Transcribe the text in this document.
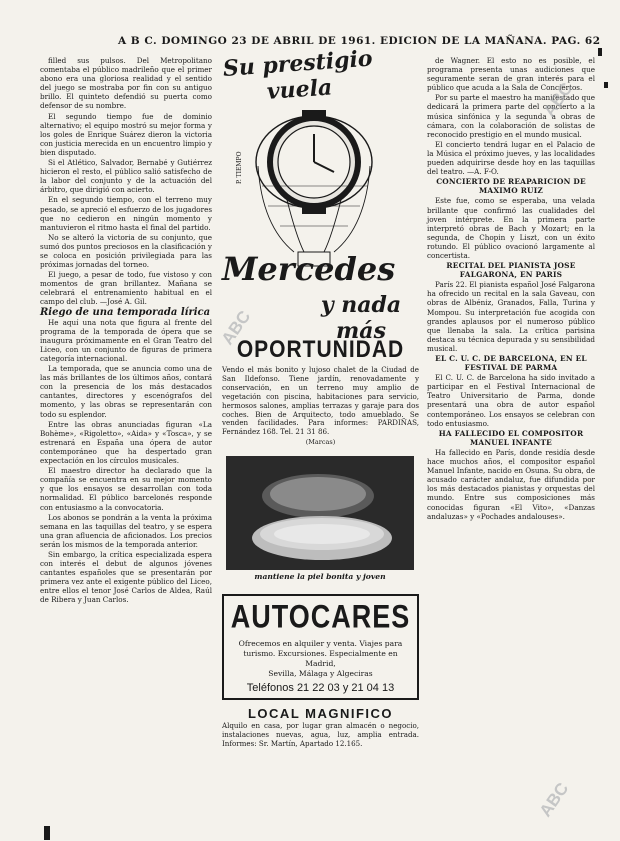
A B C. DOMINGO 23 DE ABRIL DE 1961. EDICION DE LA MAÑANA. PAG. 62

filled sus pulsos. Del Metropolitano comentaba el público madrileño que el primer abono era una gloriosa realidad y el sentido del juego se mostraba por fin con su antiguo brillo. El quinteto defendió su puerta como defensor de su nombre.

El segundo tiempo fue de dominio alternativo; el equipo mostró su mejor forma y los goles de Enrique Suárez dieron la victoria con justicia merecida en un encuentro limpio y bien disputado.

Si el Atlético, Salvador, Bernabé y Gutiérrez hicieron el resto, el público salió satisfecho de la labor del conjunto y de la actuación del árbitro, que dirigió con acierto.

En el segundo tiempo, con el terreno muy pesado, se apreció el esfuerzo de los jugadores que no cedieron en ningún momento y mantuvieron el ritmo hasta el final del partido.

No se alteró la victoria de su conjunto, que sumó dos puntos preciosos en la clasificación y se coloca en posición privilegiada para las próximas jornadas del torneo.

El juego, a pesar de todo, fue vistoso y con momentos de gran brillantez. Mañana se celebrará el entrenamiento habitual en el campo del club. —José A. Gil.

Riego de una temporada lírica

He aquí una nota que figura al frente del programa de la temporada de ópera que se inaugura próximamente en el Gran Teatro del Liceo, con un conjunto de figuras de primera categoría internacional.

La temporada, que se anuncia como una de las más brillantes de los últimos años, contará con la presencia de los más destacados cantantes, directores y escenógrafos del momento, y las obras se representarán con todo su esplendor.

Entre las obras anunciadas figuran «La Bohème», «Rigoletto», «Aida» y «Tosca», y se estrenará en España una ópera de autor contemporáneo que ha despertado gran expectación en los círculos musicales.

El maestro director ha declarado que la compañía se encuentra en su mejor momento y que los ensayos se desarrollan con toda normalidad. El público barcelonés responde con entusiasmo a la convocatoria.

Los abonos se pondrán a la venta la próxima semana en las taquillas del teatro, y se espera una gran afluencia de aficionados. Los precios serán los mismos de la temporada anterior.

Sin embargo, la crítica especializada espera con interés el debut de algunos jóvenes cantantes españoles que se presentarán por primera vez ante el exigente público del Liceo, entre ellos el tenor José Carlos de Aldea, Raúl de Ribera y Juan Carlos.

Su prestigio vuela
P. TIEMPO
Mercedes
y nada más
OPORTUNIDAD
Vendo el más bonito y lujoso chalet de la Ciudad de San Ildefonso. Tiene jardín, renovadamente y conservación, en un terreno muy amplio de vegetación con piscina, habitaciones para servicio, hermosos salones, amplias terrazas y garaje para dos coches. Bien de Arquitecto, todo amueblado. Se venden facilidades. Para informes: PARDIÑAS, Fernández 168. Tel. 21 31 86.
(Marcas)
mantiene la piel bonita y joven
AUTOCARES
Ofrecemos en alquiler y venta. Viajes para turismo. Excursiones. Especialmente en Madrid,
Sevilla, Málaga y Algeciras
Teléfonos 21 22 03 y 21 04 13
LOCAL MAGNIFICO
Alquilo en casa, por lugar gran almacén o negocio, instalaciones nuevas, agua, luz, amplia entrada. Informes: Sr. Martín, Apartado 12.165.

de Wagner. El esto no es posible, el programa presenta unas audiciones que seguramente seran de gran interés para el público que acuda a la Sala de Conciertos.

Por su parte el maestro ha manifestado que dedicará la primera parte del concierto a la música sinfónica y la segunda a obras de cámara, con la colaboración de solistas de reconocido prestigio en el mundo musical.

El concierto tendrá lugar en el Palacio de la Música el próximo jueves, y las localidades pueden adquirirse desde hoy en las taquillas del teatro. —A. F-O.

CONCIERTO DE REAPARICION DE MAXIMO RUIZ

Este fue, como se esperaba, una velada brillante que confirmó las cualidades del joven intérprete. En la primera parte interpretó obras de Bach y Mozart; en la segunda, de Chopin y Liszt, con un éxito rotundo. El público ovacionó largamente al concertista.

RECITAL DEL PIANISTA JOSE FALGARONA, EN PARIS

París 22. El pianista español José Falgarona ha ofrecido un recital en la sala Gaveau, con obras de Albéniz, Granados, Falla, Turina y Mompou. Su interpretación fue acogida con grandes aplausos por el numeroso público que llenaba la sala. La crítica parisina destaca su técnica depurada y su sensibilidad musical.

EL C. U. C. DE BARCELONA, EN EL FESTIVAL DE PARMA

El C. U. C. de Barcelona ha sido invitado a participar en el Festival Internacional de Teatro Universitario de Parma, donde presentará una obra de autor español contemporáneo. Los ensayos se celebran con todo entusiasmo.

HA FALLECIDO EL COMPOSITOR MANUEL INFANTE

Ha fallecido en París, donde residía desde hace muchos años, el compositor español Manuel Infante, nacido en Osuna. Su obra, de acusado carácter andaluz, fue difundida por los más destacados pianistas y orquestas del mundo. Entre sus composiciones más conocidas figuran «El Vito», «Danzas andaluzas» y «Pochades andalouses».

ABC
ABC
ABC
